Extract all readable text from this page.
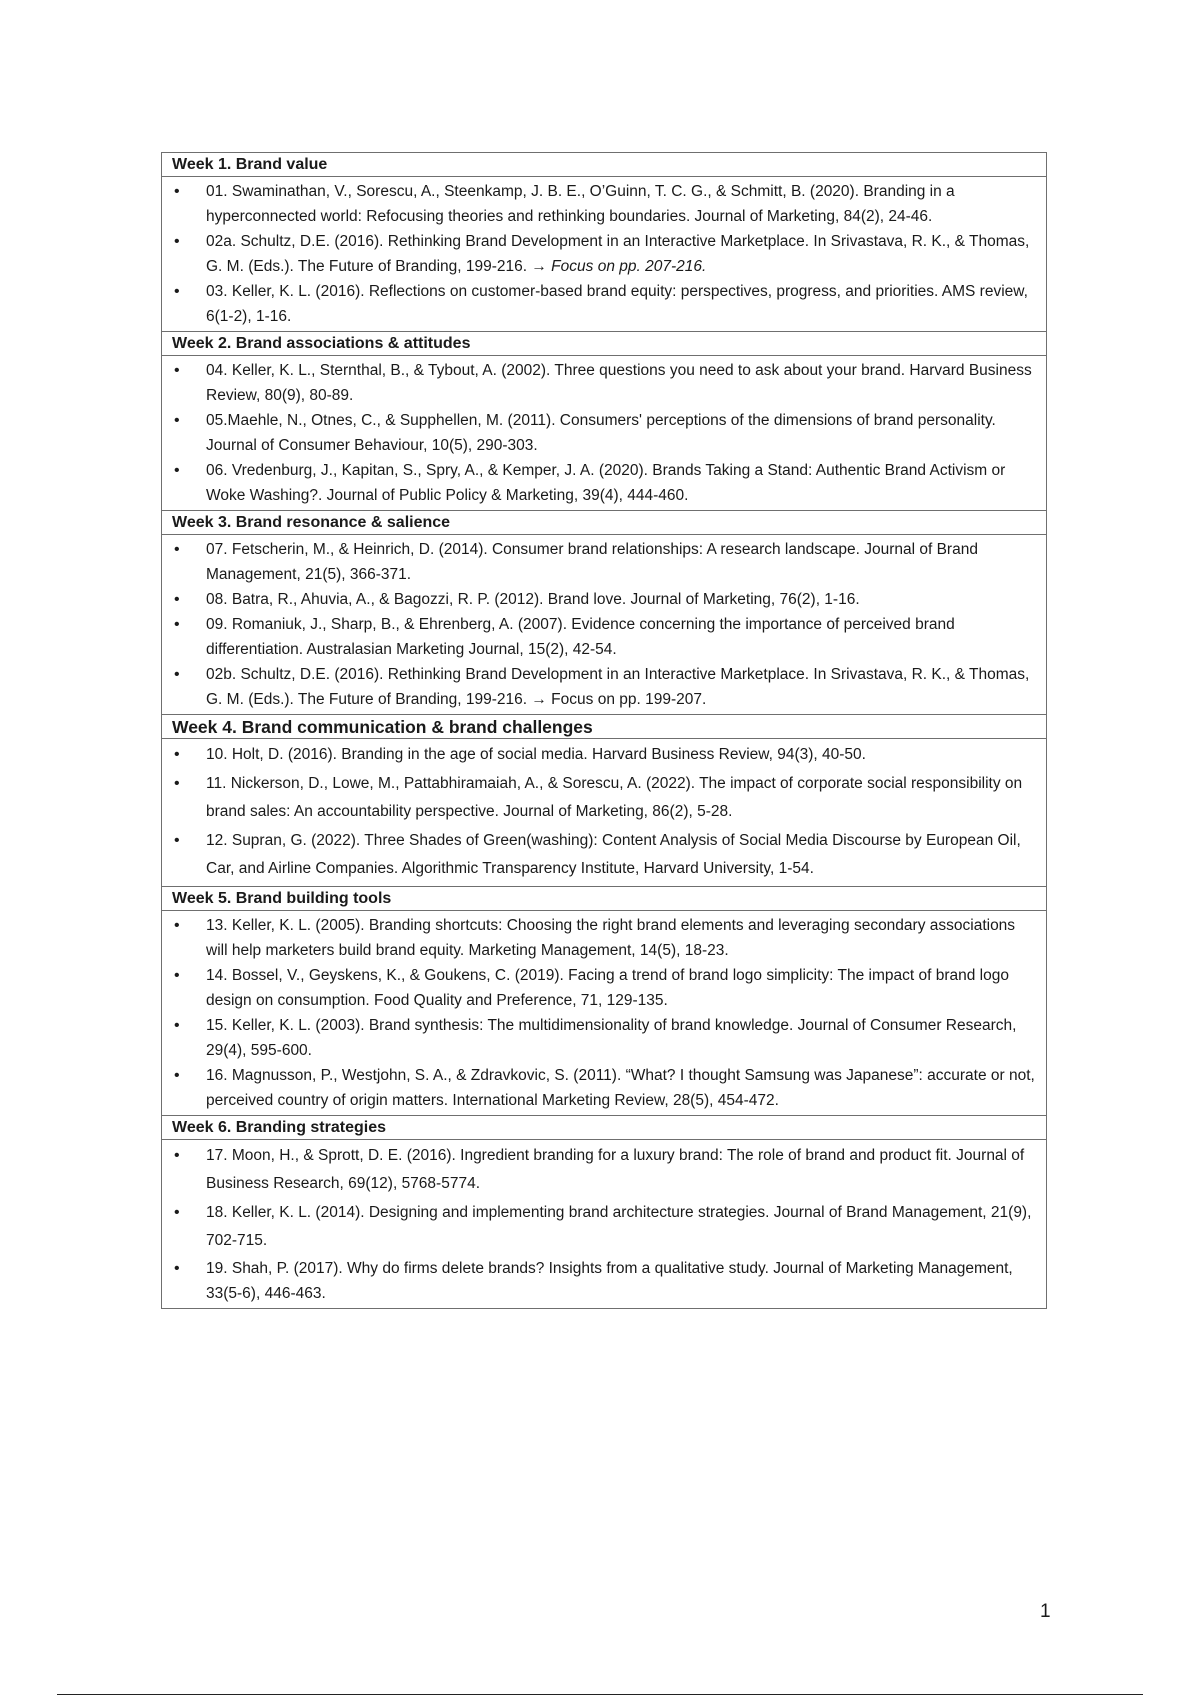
Week 1. Brand value
• 01. Swaminathan, V., Sorescu, A., Steenkamp, J. B. E., O’Guinn, T. C. G., & Schmitt, B. (2020). Branding in a hyperconnected world: Refocusing theories and rethinking boundaries. Journal of Marketing, 84(2), 24-46.
• 02a. Schultz, D.E. (2016). Rethinking Brand Development in an Interactive Marketplace. In Srivastava, R. K., & Thomas, G. M. (Eds.). The Future of Branding, 199-216. → Focus on pp. 207-216.
• 03. Keller, K. L. (2016). Reflections on customer-based brand equity: perspectives, progress, and priorities. AMS review, 6(1-2), 1-16.
Week 2. Brand associations & attitudes
• 04. Keller, K. L., Sternthal, B., & Tybout, A. (2002). Three questions you need to ask about your brand. Harvard Business Review, 80(9), 80-89.
• 05.Maehle, N., Otnes, C., & Supphellen, M. (2011). Consumers' perceptions of the dimensions of brand personality. Journal of Consumer Behaviour, 10(5), 290-303.
• 06. Vredenburg, J., Kapitan, S., Spry, A., & Kemper, J. A. (2020). Brands Taking a Stand: Authentic Brand Activism or Woke Washing?. Journal of Public Policy & Marketing, 39(4), 444-460.
Week 3. Brand resonance & salience
• 07. Fetscherin, M., & Heinrich, D. (2014). Consumer brand relationships: A research landscape. Journal of Brand Management, 21(5), 366-371.
• 08. Batra, R., Ahuvia, A., & Bagozzi, R. P. (2012). Brand love. Journal of Marketing, 76(2), 1-16.
• 09. Romaniuk, J., Sharp, B., & Ehrenberg, A. (2007). Evidence concerning the importance of perceived brand differentiation. Australasian Marketing Journal, 15(2), 42-54.
• 02b. Schultz, D.E. (2016). Rethinking Brand Development in an Interactive Marketplace. In Srivastava, R. K., & Thomas, G. M. (Eds.). The Future of Branding, 199-216. → Focus on pp. 199-207.
Week 4. Brand communication & brand challenges
• 10. Holt, D. (2016). Branding in the age of social media. Harvard Business Review, 94(3), 40-50.
• 11. Nickerson, D., Lowe, M., Pattabhiramaiah, A., & Sorescu, A. (2022). The impact of corporate social responsibility on brand sales: An accountability perspective. Journal of Marketing, 86(2), 5-28.
• 12. Supran, G. (2022). Three Shades of Green(washing): Content Analysis of Social Media Discourse by European Oil, Car, and Airline Companies. Algorithmic Transparency Institute, Harvard University, 1-54.
Week 5. Brand building tools
• 13. Keller, K. L. (2005). Branding shortcuts: Choosing the right brand elements and leveraging secondary associations will help marketers build brand equity. Marketing Management, 14(5), 18-23.
• 14. Bossel, V., Geyskens, K., & Goukens, C. (2019). Facing a trend of brand logo simplicity: The impact of brand logo design on consumption. Food Quality and Preference, 71, 129-135.
• 15. Keller, K. L. (2003). Brand synthesis: The multidimensionality of brand knowledge. Journal of Consumer Research, 29(4), 595-600.
• 16. Magnusson, P., Westjohn, S. A., & Zdravkovic, S. (2011). “What? I thought Samsung was Japanese”: accurate or not, perceived country of origin matters. International Marketing Review, 28(5), 454-472.
Week 6. Branding strategies
• 17. Moon, H., & Sprott, D. E. (2016). Ingredient branding for a luxury brand: The role of brand and product fit. Journal of Business Research, 69(12), 5768-5774.
• 18. Keller, K. L. (2014). Designing and implementing brand architecture strategies. Journal of Brand Management, 21(9), 702-715.
• 19. Shah, P. (2017). Why do firms delete brands? Insights from a qualitative study. Journal of Marketing Management, 33(5-6), 446-463.
1
